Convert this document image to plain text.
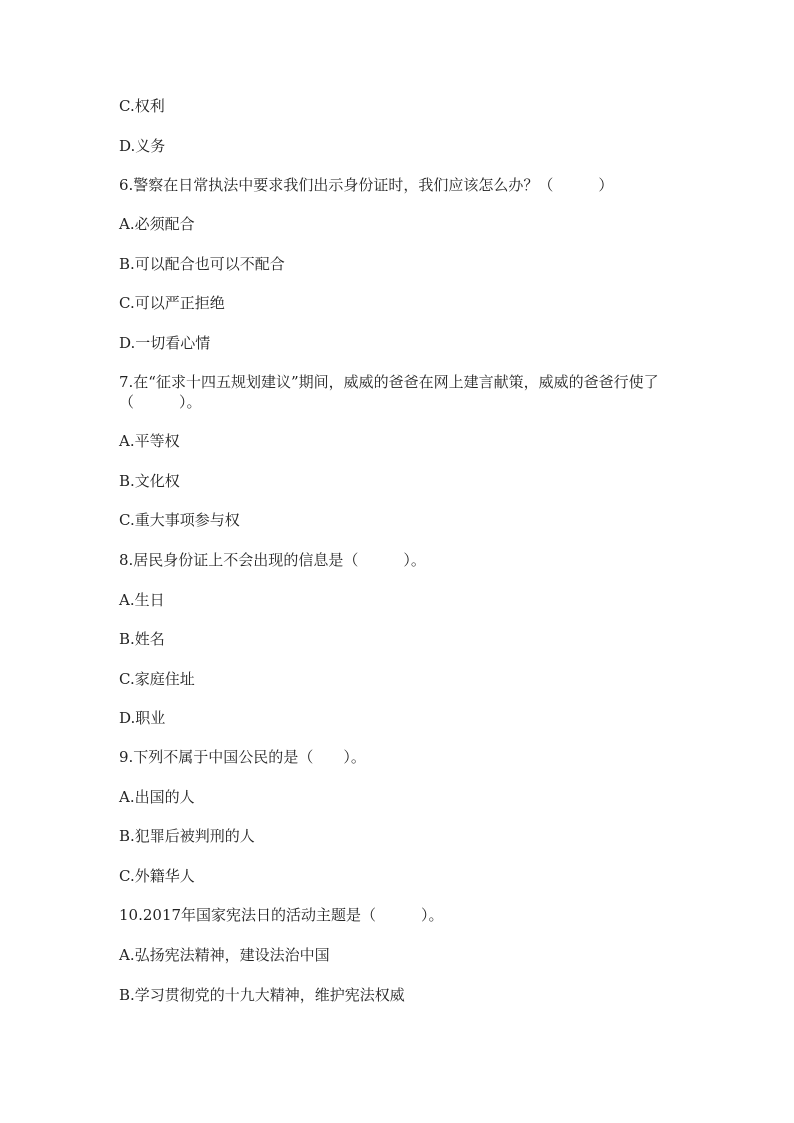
C.权利
D.义务
6.警察在日常执法中要求我们出示身份证时，我们应该怎么办？（　　　）
A.必须配合
B.可以配合也可以不配合
C.可以严正拒绝
D.一切看心情
7.在“征求十四五规划建议”期间，威威的爸爸在网上建言献策，威威的爸爸行使了（　　　）。
A.平等权
B.文化权
C.重大事项参与权
8.居民身份证上不会出现的信息是（　　　）。
A.生日
B.姓名
C.家庭住址
D.职业
9.下列不属于中国公民的是（　　）。
A.出国的人
B.犯罪后被判刑的人
C.外籍华人
10.2017年国家宪法日的活动主题是（　　　）。
A.弘扬宪法精神，建设法治中国
B.学习贯彻党的十九大精神，维护宪法权威
